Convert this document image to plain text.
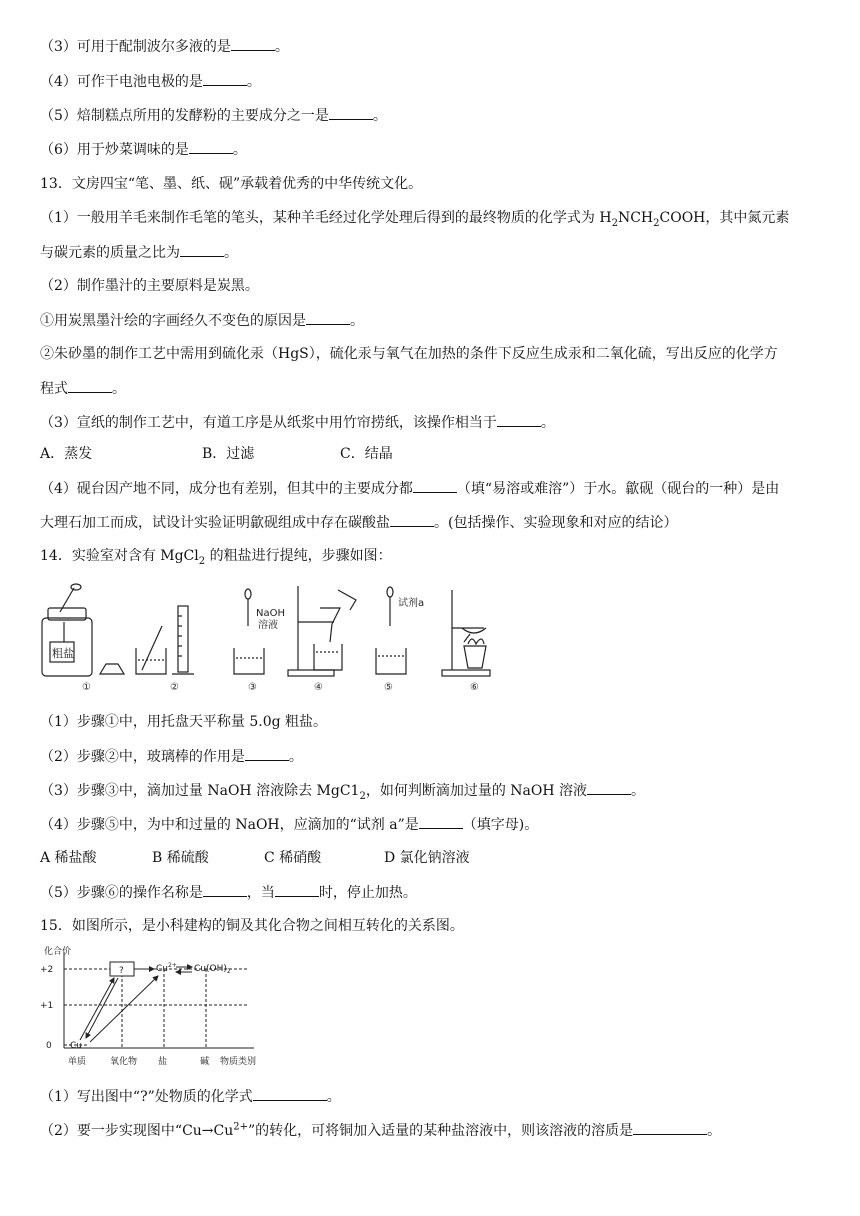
（3）可用于配制波尔多液的是	。
（4）可作干电池电极的是	。
（5）焙制糕点所用的发酵粉的主要成分之一是	。
（6）用于炒菜调味的是	。
13．文房四宝“笔、墨、纸、砚”承载着优秀的中华传统文化。
（1）一般用羊毛来制作毛笔的笔头，某种羊毛经过化学处理后得到的最终物质的化学式为 $H_2NCH_2COOH$，其中氮元素
与碳元素的质量之比为	。
（2）制作墨汁的主要原料是炭黑。
①用炭黑墨汁绘的字画经久不变色的原因是	。
②朱砂墨的制作工艺中需用到硫化汞（HgS），硫化汞与氧气在加热的条件下反应生成汞和二氧化硫，写出反应的化学方
程式	。
（3）宣纸的制作工艺中，有道工序是从纸浆中用竹帘捞纸，该操作相当于	。
A．蒸发	B．过滤	C．结晶
（4）砚台因产地不同，成分也有差别，但其中的主要成分都	（填“易溶或难溶”）于水。歙砚（砚台的一种）是由
大理石加工而成，试设计实验证明歙砚组成中存在碳酸盐	。(包括操作、实验现象和对应的结论）
14．实验室对含有 MgCl$_2$ 的粗盐进行提纯，步骤如图：
粗盐
NaOH
溶液
试剂a
①	②	③	④	⑤	⑥
（1）步骤①中，用托盘天平称量 5.0g 粗盐。
（2）步骤②中，玻璃棒的作用是	。
（3）步骤③中，滴加过量 NaOH 溶液除去 $MgC1_2$，如何判断滴加过量的 NaOH 溶液	。
（4）步骤⑤中，为中和过量的 NaOH，应滴加的“试剂 a”是	（填字母)。
A 稀盐酸	B 稀硫酸	C 稀硝酸	D 氯化钠溶液
（5）步骤⑥的操作名称是	，当	时，停止加热。
15．如图所示，是小科建构的铜及其化合物之间相互转化的关系图。
化合价
+2
+1
0
单质	氧化物 盐	碱 物质类别
?
Cu
$Cu^{2+}$ $Cu(OH)_2$
（1）写出图中“?”处物质的化学式	。
（2）要一步实现图中“$Cu\to Cu^{2+}$”的转化，可将铜加入适量的某种盐溶液中，则该溶液的溶质是	。
